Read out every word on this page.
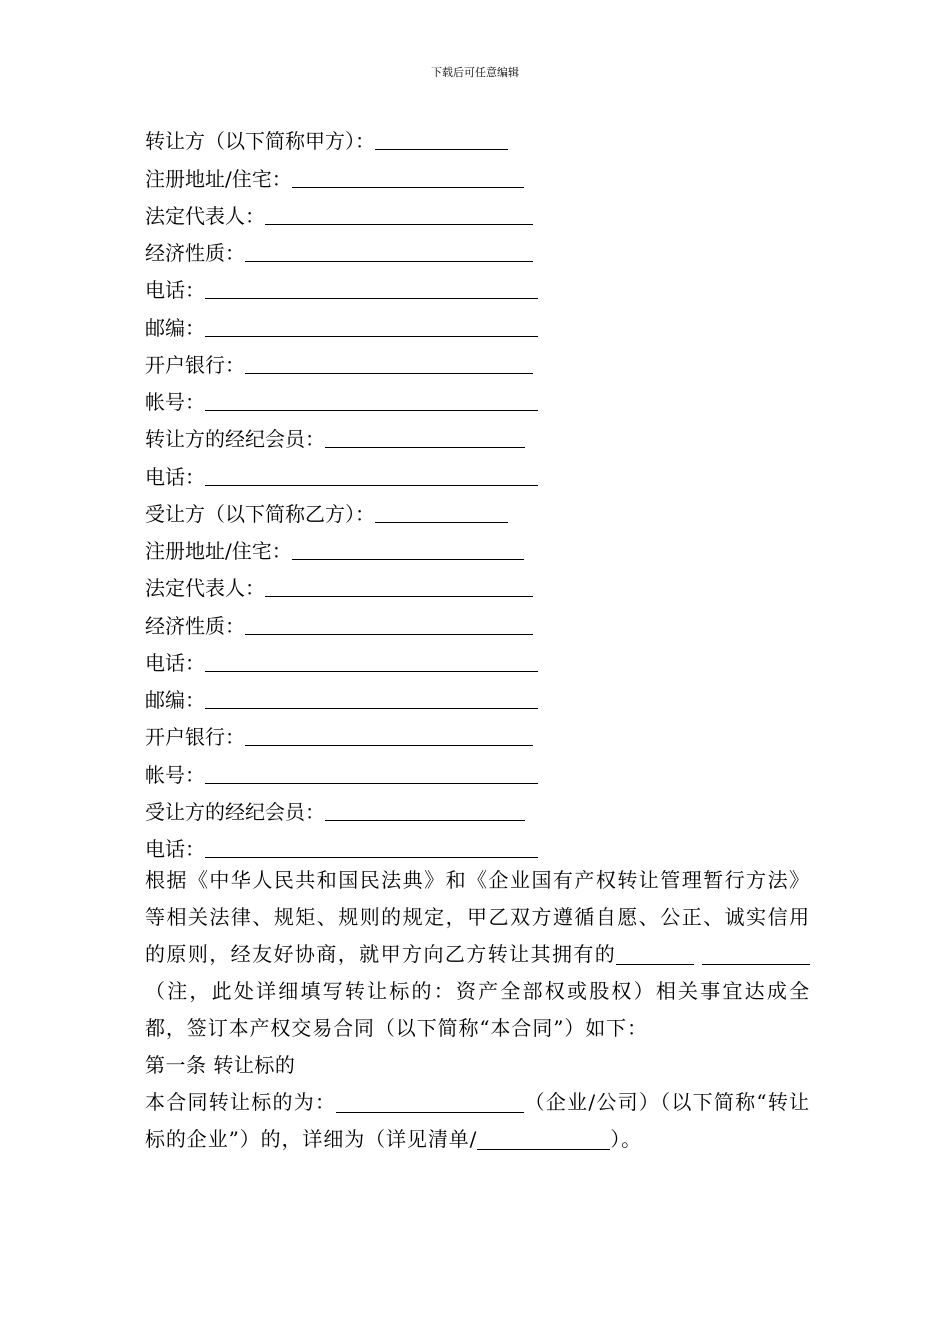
下载后可任意编辑
转让方（以下简称甲方）：
注册地址/住宅：
法定代表人：
经济性质：
电话：
邮编：
开户银行：
帐号：
转让方的经纪会员：
电话：
受让方（以下简称乙方）：
注册地址/住宅：
法定代表人：
经济性质：
电话：
邮编：
开户银行：
帐号：
受让方的经纪会员：
电话：
根据《中华人民共和国民法典》和《企业国有产权转让管理暂行方法》等相关法律、规矩、规则的规定，甲乙双方遵循自愿、公正、诚实信用的原则，经友好协商，就甲方向乙方转让其拥有的 （注，此处详细填写转让标的：资产全部权或股权）相关事宜达成全都，签订本产权交易合同（以下简称“本合同”）如下：
第一条 转让标的
本合同转让标的为：	（企业/公司）（以下简称“转让标的企业”）的，详细为（详见清单/	）。
